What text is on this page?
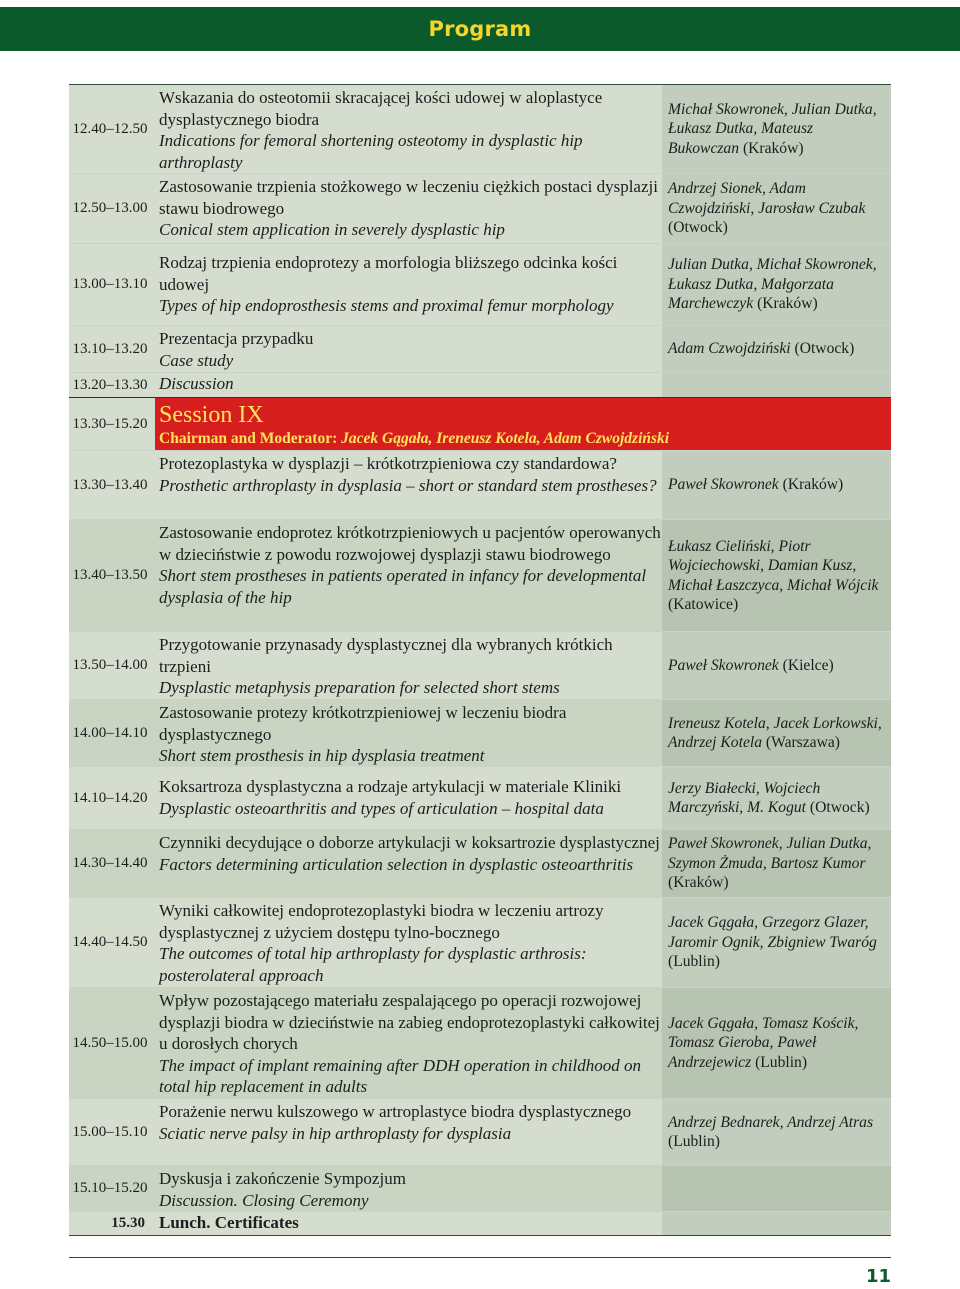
Program
12.40–12.50
Wskazania do osteotomii skracającej kości udowej w aloplastyce dysplastycznego biodra
Indications for femoral shortening osteotomy in dysplastic hip arthroplasty
Michał Skowronek, Julian Dutka, Łukasz Dutka, Mateusz Bukowczan (Kraków)
12.50–13.00
Zastosowanie trzpienia stożkowego w leczeniu ciężkich postaci dysplazji stawu biodrowego
Conical stem application in severely dysplastic hip
Andrzej Sionek, Adam Czwojdziński, Jarosław Czubak (Otwock)
13.00–13.10
Rodzaj trzpienia endoprotezy a morfologia bliższego odcinka kości udowej
Types of hip endoprosthesis stems and proximal femur morphology
Julian Dutka, Michał Skowronek, Łukasz Dutka, Małgorzata Marchewczyk (Kraków)
13.10–13.20
Prezentacja przypadku
Case study
Adam Czwojdziński (Otwock)
13.20–13.30 Discussion
13.30–15.20 Session IX
Chairman and Moderator: Jacek Gągała, Ireneusz Kotela, Adam Czwojdziński
13.30–13.40
Protezoplastyka w dysplazji – krótkotrzpieniowa czy standardowa?
Prosthetic arthroplasty in dysplasia – short or standard stem prostheses? Paweł Skowronek (Kraków)
13.40–13.50
Zastosowanie endoprotez krótkotrzpieniowych u pacjentów operowanych w dzieciństwie z powodu rozwojowej dysplazji stawu biodrowego
Short stem prostheses in patients operated in infancy for developmental dysplasia of the hip
Łukasz Cieliński, Piotr Wojciechowski, Damian Kusz, Michał Łaszczyca, Michał Wójcik (Katowice)
13.50–14.00
Przygotowanie przynasady dysplastycznej dla wybranych krótkich trzpieni
Dysplastic metaphysis preparation for selected short stems
Paweł Skowronek (Kielce)
14.00–14.10
Zastosowanie protezy krótkotrzpieniowej w leczeniu biodra dysplastycznego
Short stem prosthesis in hip dysplasia treatment
Ireneusz Kotela, Jacek Lorkowski, Andrzej Kotela (Warszawa)
14.10–14.20
Koksartroza dysplastyczna a rodzaje artykulacji w materiale Kliniki
Dysplastic osteoarthritis and types of articulation – hospital data
Jerzy Białecki, Wojciech Marczyński, M. Kogut (Otwock)
14.30–14.40
Czynniki decydujące o doborze artykulacji w koksartrozie dysplastycznej
Factors determining articulation selection in dysplastic osteoarthritis
Paweł Skowronek, Julian Dutka, Szymon Żmuda, Bartosz Kumor (Kraków)
14.40–14.50
Wyniki całkowitej endoprotezoplastyki biodra w leczeniu artrozy dysplastycznej z użyciem dostępu tylno-bocznego
The outcomes of total hip arthroplasty for dysplastic arthrosis: posterolateral approach
Jacek Gągała, Grzegorz Glazer, Jaromir Ognik, Zbigniew Twaróg (Lublin)
14.50–15.00
Wpływ pozostającego materiału zespalającego po operacji rozwojowej dysplazji biodra w dzieciństwie na zabieg endoprotezoplastyki całkowitej u dorosłych chorych
The impact of implant remaining after DDH operation in childhood on total hip replacement in adults
Jacek Gągała, Tomasz Kościk, Tomasz Gieroba, Paweł Andrzejewicz (Lublin)
15.00–15.10
Porażenie nerwu kulszowego w artroplastyce biodra dysplastycznego
Sciatic nerve palsy in hip arthroplasty for dysplasia
Andrzej Bednarek, Andrzej Atras (Lublin)
15.10–15.20 Dyskusja i zakończenie Sympozjum
Discussion. Closing Ceremony
15.30 Lunch. Certificates
11
